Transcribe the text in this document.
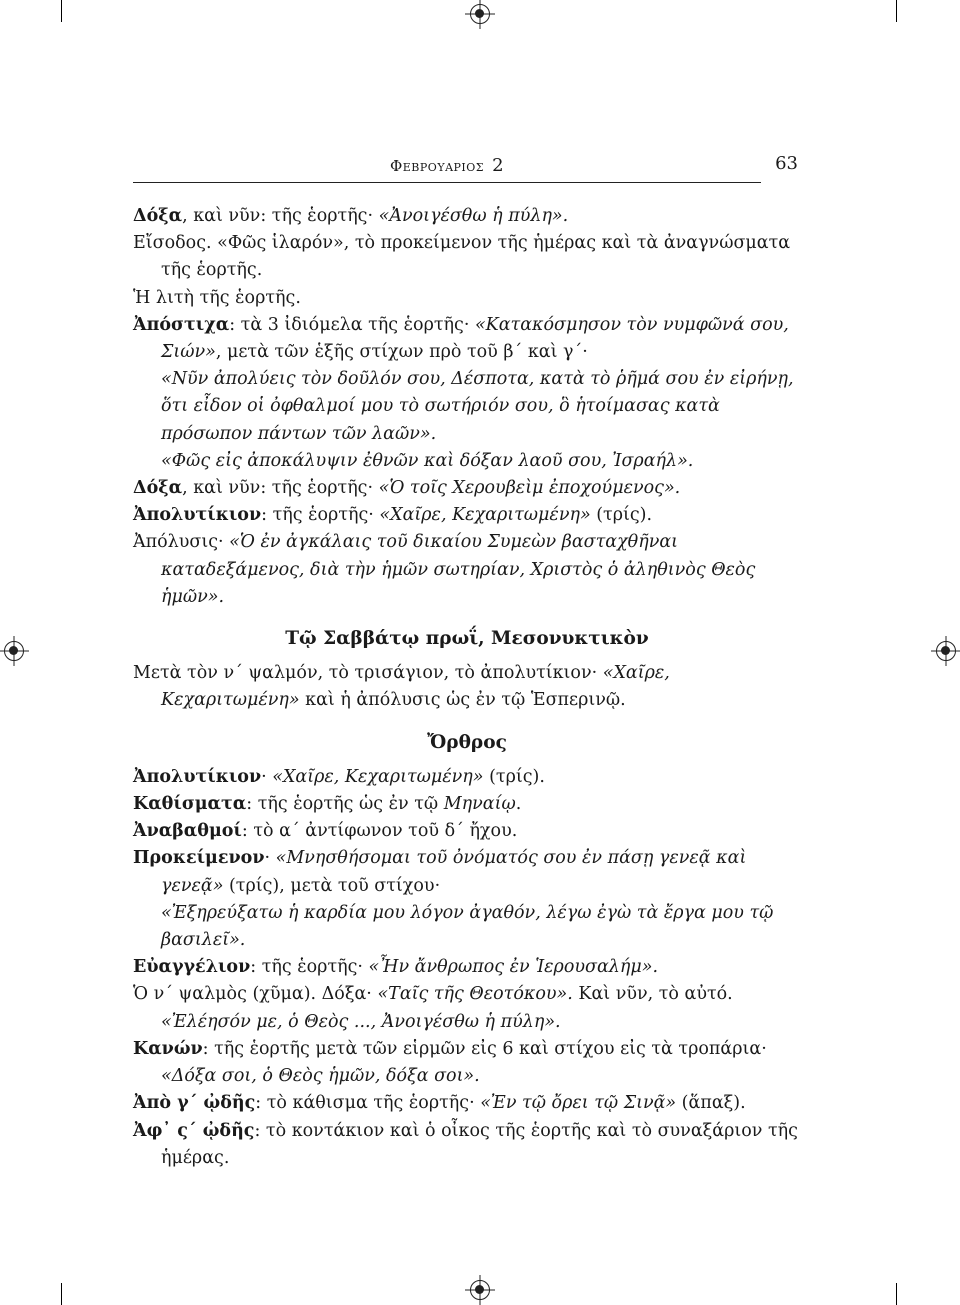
Φεβρουαριος 2	63

Δόξα, καὶ νῦν: τῆς ἑορτῆς· «Ἀνοιγέσθω ἡ πύλη».

Εἴσοδος. «Φῶς ἱλαρόν», τὸ προκείμενον τῆς ἡμέρας καὶ τὰ ἀναγνώσματα τῆς ἑορτῆς.

Ἡ λιτὴ τῆς ἑορτῆς.

Ἀπόστιχα: τὰ 3 ἰδιόμελα τῆς ἑορτῆς· «Κατακόσμησον τὸν νυμφῶνά σου, Σιών», μετὰ τῶν ἑξῆς στίχων πρὸ τοῦ β΄ καὶ γ΄·

«Νῦν ἀπολύεις τὸν δοῦλόν σου, Δέσποτα, κατὰ τὸ ῥῆμά σου ἐν εἰρήνῃ, ὅτι εἶδον οἱ ὀφθαλμοί μου τὸ σωτήριόν σου, ὃ ἡτοίμασας κατὰ πρόσωπον πάντων τῶν λαῶν».

«Φῶς εἰς ἀποκάλυψιν ἐθνῶν καὶ δόξαν λαοῦ σου, Ἰσραήλ».

Δόξα, καὶ νῦν: τῆς ἑορτῆς· «Ὁ τοῖς Χερουβεὶμ ἐποχούμενος».

Ἀπολυτίκιον: τῆς ἑορτῆς· «Χαῖρε, Κεχαριτωμένη» (τρίς).

Ἀπόλυσις· «Ὁ ἐν ἀγκάλαις τοῦ δικαίου Συμεὼν βασταχθῆναι καταδεξάμενος, διὰ τὴν ἡμῶν σωτηρίαν, Χριστὸς ὁ ἀληθινὸς Θεὸς ἡμῶν».

Τῷ Σαββάτῳ πρωΐ, Μεσονυκτικὸν

Μετὰ τὸν ν΄ ψαλμόν, τὸ τρισάγιον, τὸ ἀπολυτίκιον· «Χαῖρε, Κεχαριτωμένη» καὶ ἡ ἀπόλυσις ὡς ἐν τῷ Ἑσπερινῷ.

Ὄρθρος

Ἀπολυτίκιον· «Χαῖρε, Κεχαριτωμένη» (τρίς).

Καθίσματα: τῆς ἑορτῆς ὡς ἐν τῷ Μηναίῳ.

Ἀναβαθμοί: τὸ α΄ ἀντίφωνον τοῦ δ΄ ἤχου.

Προκείμενον· «Μνησθήσομαι τοῦ ὀνόματός σου ἐν πάσῃ γενεᾷ καὶ γενεᾷ» (τρίς), μετὰ τοῦ στίχου·

«Ἐξηρεύξατω ἡ καρδία μου λόγον ἀγαθόν, λέγω ἐγὼ τὰ ἔργα μου τῷ βασιλεῖ».

Εὐαγγέλιον: τῆς ἑορτῆς· «Ἦν ἄνθρωπος ἐν Ἱερουσαλήμ».

Ὁ ν΄ ψαλμὸς (χῦμα). Δόξα· «Ταῖς τῆς Θεοτόκου». Καὶ νῦν, τὸ αὐτό. «Ἐλέησόν με, ὁ Θεὸς ..., Ἀνοιγέσθω ἡ πύλη».

Κανών: τῆς ἑορτῆς μετὰ τῶν εἱρμῶν εἰς 6 καὶ στίχου εἰς τὰ τροπάρια· «Δόξα σοι, ὁ Θεὸς ἡμῶν, δόξα σοι».

Ἀπὸ γ΄ ᾠδῆς: τὸ κάθισμα τῆς ἑορτῆς· «Ἐν τῷ ὄρει τῷ Σινᾷ» (ἅπαξ).

Ἀφ᾽ ς΄ ᾠδῆς: τὸ κοντάκιον καὶ ὁ οἶκος τῆς ἑορτῆς καὶ τὸ συναξάριον τῆς ἡμέρας.
